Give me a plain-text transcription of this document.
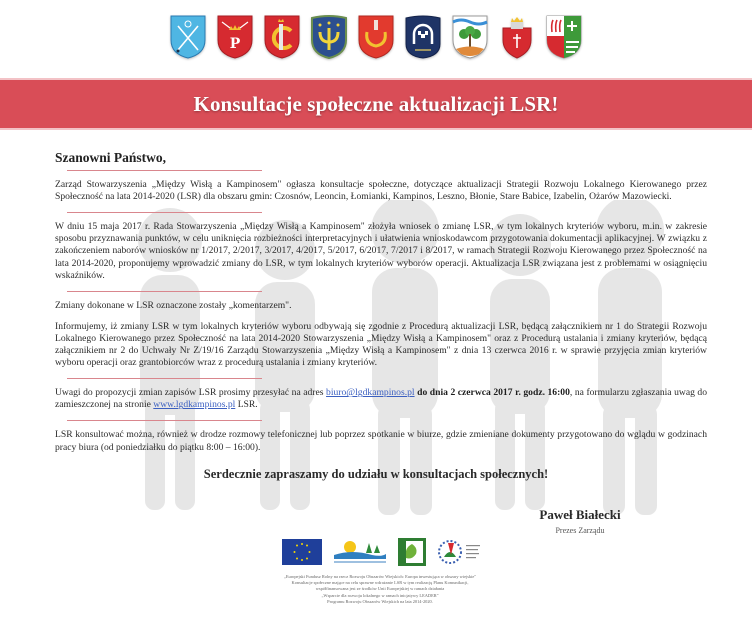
P
Konsultacje społeczne aktualizacji LSR!
Szanowni Państwo,

Zarząd Stowarzyszenia „Między Wisłą a Kampinosem" ogłasza konsultacje społeczne, dotyczące aktualizacji Strategii Rozwoju Lokalnego Kierowanego przez Społeczność na lata 2014-2020 (LSR) dla obszaru gmin: Czosnów, Leoncin, Łomianki, Kampinos, Leszno, Błonie, Stare Babice, Izabelin, Ożarów Mazowiecki.

W dniu 15 maja 2017 r. Rada Stowarzyszenia „Między Wisłą a Kampinosem" złożyła wniosek o zmianę LSR, w tym lokalnych kryteriów wyboru, m.in. w zakresie sposobu przyznawania punktów, w celu uniknięcia rozbieżności interpretacyjnych i ułatwienia wnioskodawcom przygotowania dokumentacji aplikacyjnej. W związku z zakończeniem naborów wniosków nr 1/2017, 2/2017, 3/2017, 4/2017, 5/2017, 6/2017, 7/2017 i 8/2017, w ramach Strategii Rozwoju Kierowanego przez Społeczność na lata 2014-2020, proponujemy wprowadzić zmiany do LSR, w tym lokalnych kryteriów wyborów operacji. Aktualizacja LSR związana jest z problemami w osiągnięciu wskaźników.

Zmiany dokonane w LSR oznaczone zostały „komentarzem".

Informujemy, iż zmiany LSR w tym lokalnych kryteriów wyboru odbywają się zgodnie z Procedurą aktualizacji LSR, będącą załącznikiem nr 1 do Strategii Rozwoju Lokalnego Kierowanego przez Społeczność na lata 2014-2020 Stowarzyszenia „Między Wisłą a Kampinosem" oraz z Procedurą ustalania i zmiany kryteriów, będącą załącznikiem nr 2 do Uchwały Nr Z/19/16 Zarządu Stowarzyszenia „Między Wisłą a Kampinosem" z dnia 13 czerwca 2016 r. w sprawie przyjęcia zmian kryteriów wyboru operacji oraz grantobiorców wraz z procedurą ustalania i zmiany kryteriów.

Uwagi do propozycji zmian zapisów LSR prosimy przesyłać na adres biuro@lgdkampinos.pl do dnia 2 czerwca 2017 r. godz. 16:00, na formularzu zgłaszania uwag do zamieszczonej na stronie www.lgdkampinos.pl LSR.

LSR konsultować można, również w drodze rozmowy telefonicznej lub poprzez spotkanie w biurze, gdzie zmieniane dokumenty przygotowano do wglądu w godzinach pracy biura (od poniedziałku do piątku 8:00 – 16:00).

Serdecznie zapraszamy do udziału w konsultacjach społecznych!
Paweł Białecki
Prezes Zarządu
„Europejski Fundusz Rolny na rzecz Rozwoju Obszarów Wiejskich: Europa inwestująca w obszary wiejskie"
Konsultacje społeczne mające na celu sprawne wdrażanie LSR w tym realizację Planu Komunikacji,
współfinansowana jest ze środków Unii Europejskiej w ramach działania
„Wsparcie dla rozwoju lokalnego w ramach inicjatywy LEADER"
Programu Rozwoju Obszarów Wiejskich na lata 2014-2020.
